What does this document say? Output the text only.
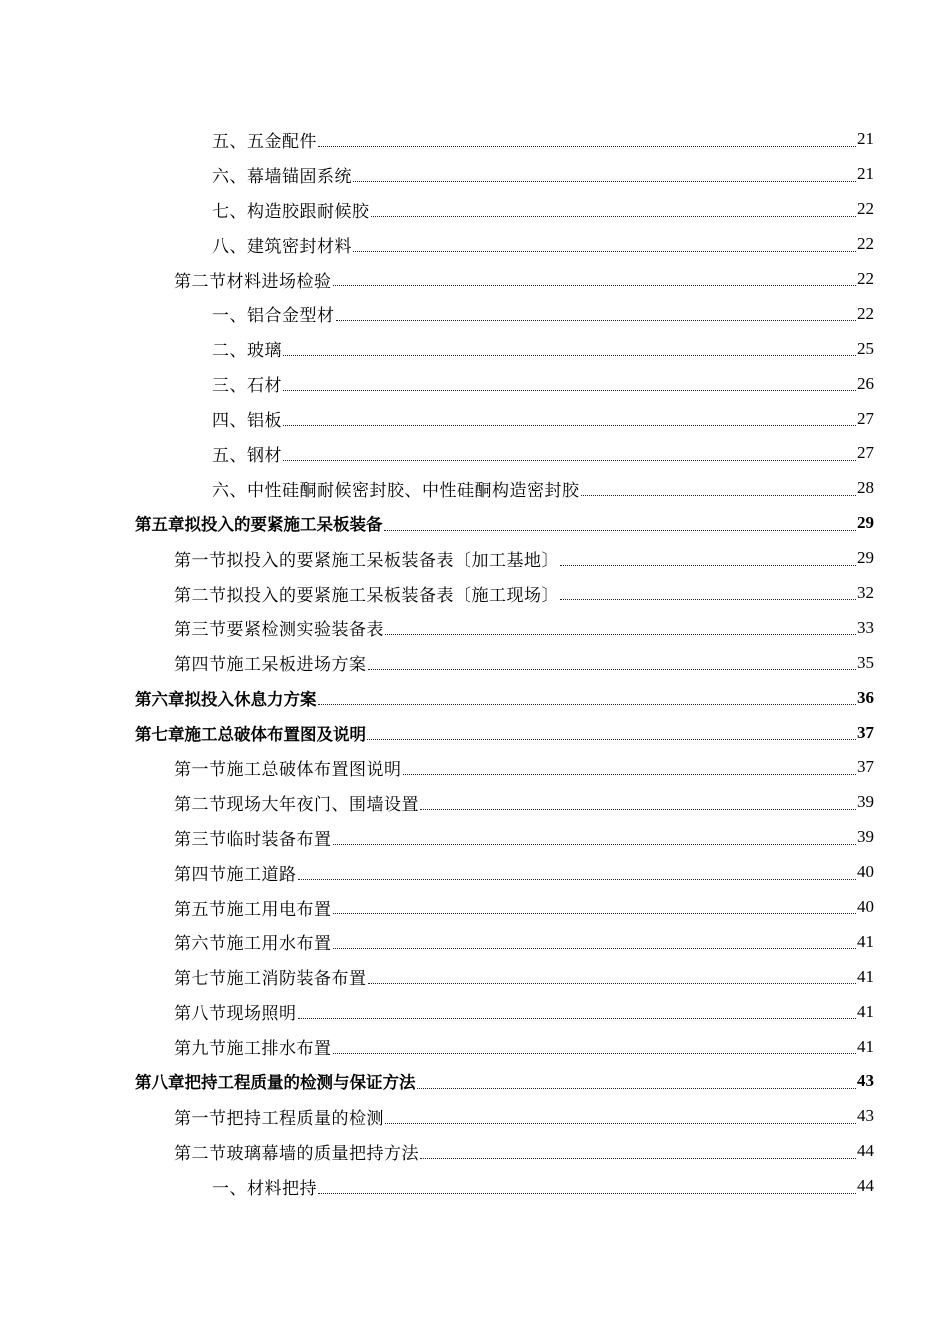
五、五金配件	21
六、幕墙锚固系统	21
七、构造胶跟耐候胶	22
八、建筑密封材料	22
第二节材料进场检验	22
一、铝合金型材	22
二、玻璃	25
三、石材	26
四、铝板	27
五、钢材	27
六、中性硅酮耐候密封胶、中性硅酮构造密封胶	28
第五章拟投入的要紧施工呆板装备	29
第一节拟投入的要紧施工呆板装备表〔加工基地〕	29
第二节拟投入的要紧施工呆板装备表〔施工现场〕	32
第三节要紧检测实验装备表	33
第四节施工呆板进场方案	35
第六章拟投入休息力方案	36
第七章施工总破体布置图及说明	37
第一节施工总破体布置图说明	37
第二节现场大年夜门、围墙设置	39
第三节临时装备布置	39
第四节施工道路	40
第五节施工用电布置	40
第六节施工用水布置	41
第七节施工消防装备布置	41
第八节现场照明	41
第九节施工排水布置	41
第八章把持工程质量的检测与保证方法	43
第一节把持工程质量的检测	43
第二节玻璃幕墙的质量把持方法	44
一、材料把持	44
